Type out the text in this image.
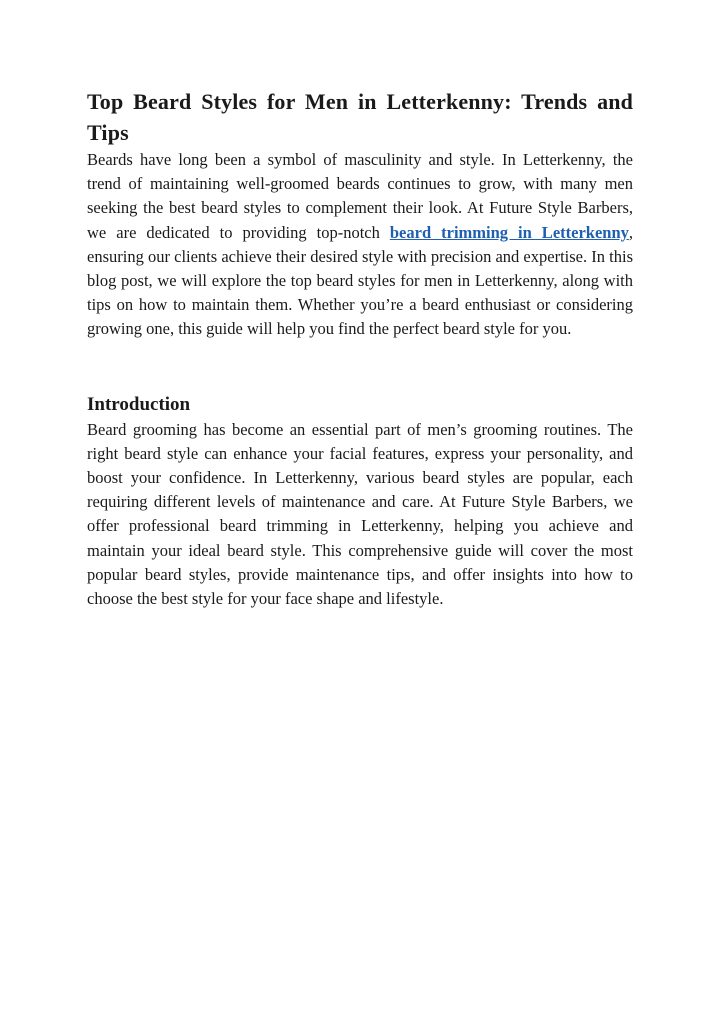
Top Beard Styles for Men in Letterkenny: Trends and Tips

Beards have long been a symbol of masculinity and style. In Letterkenny, the trend of maintaining well-groomed beards continues to grow, with many men seeking the best beard styles to complement their look. At Future Style Barbers, we are dedicated to providing top-notch beard trimming in Letterkenny, ensuring our clients achieve their desired style with precision and expertise. In this blog post, we will explore the top beard styles for men in Letterkenny, along with tips on how to maintain them. Whether you’re a beard enthusiast or considering growing one, this guide will help you find the perfect beard style for you.

Introduction

Beard grooming has become an essential part of men’s grooming routines. The right beard style can enhance your facial features, express your personality, and boost your confidence. In Letterkenny, various beard styles are popular, each requiring different levels of maintenance and care. At Future Style Barbers, we offer professional beard trimming in Letterkenny, helping you achieve and maintain your ideal beard style. This comprehensive guide will cover the most popular beard styles, provide maintenance tips, and offer insights into how to choose the best style for your face shape and lifestyle.
